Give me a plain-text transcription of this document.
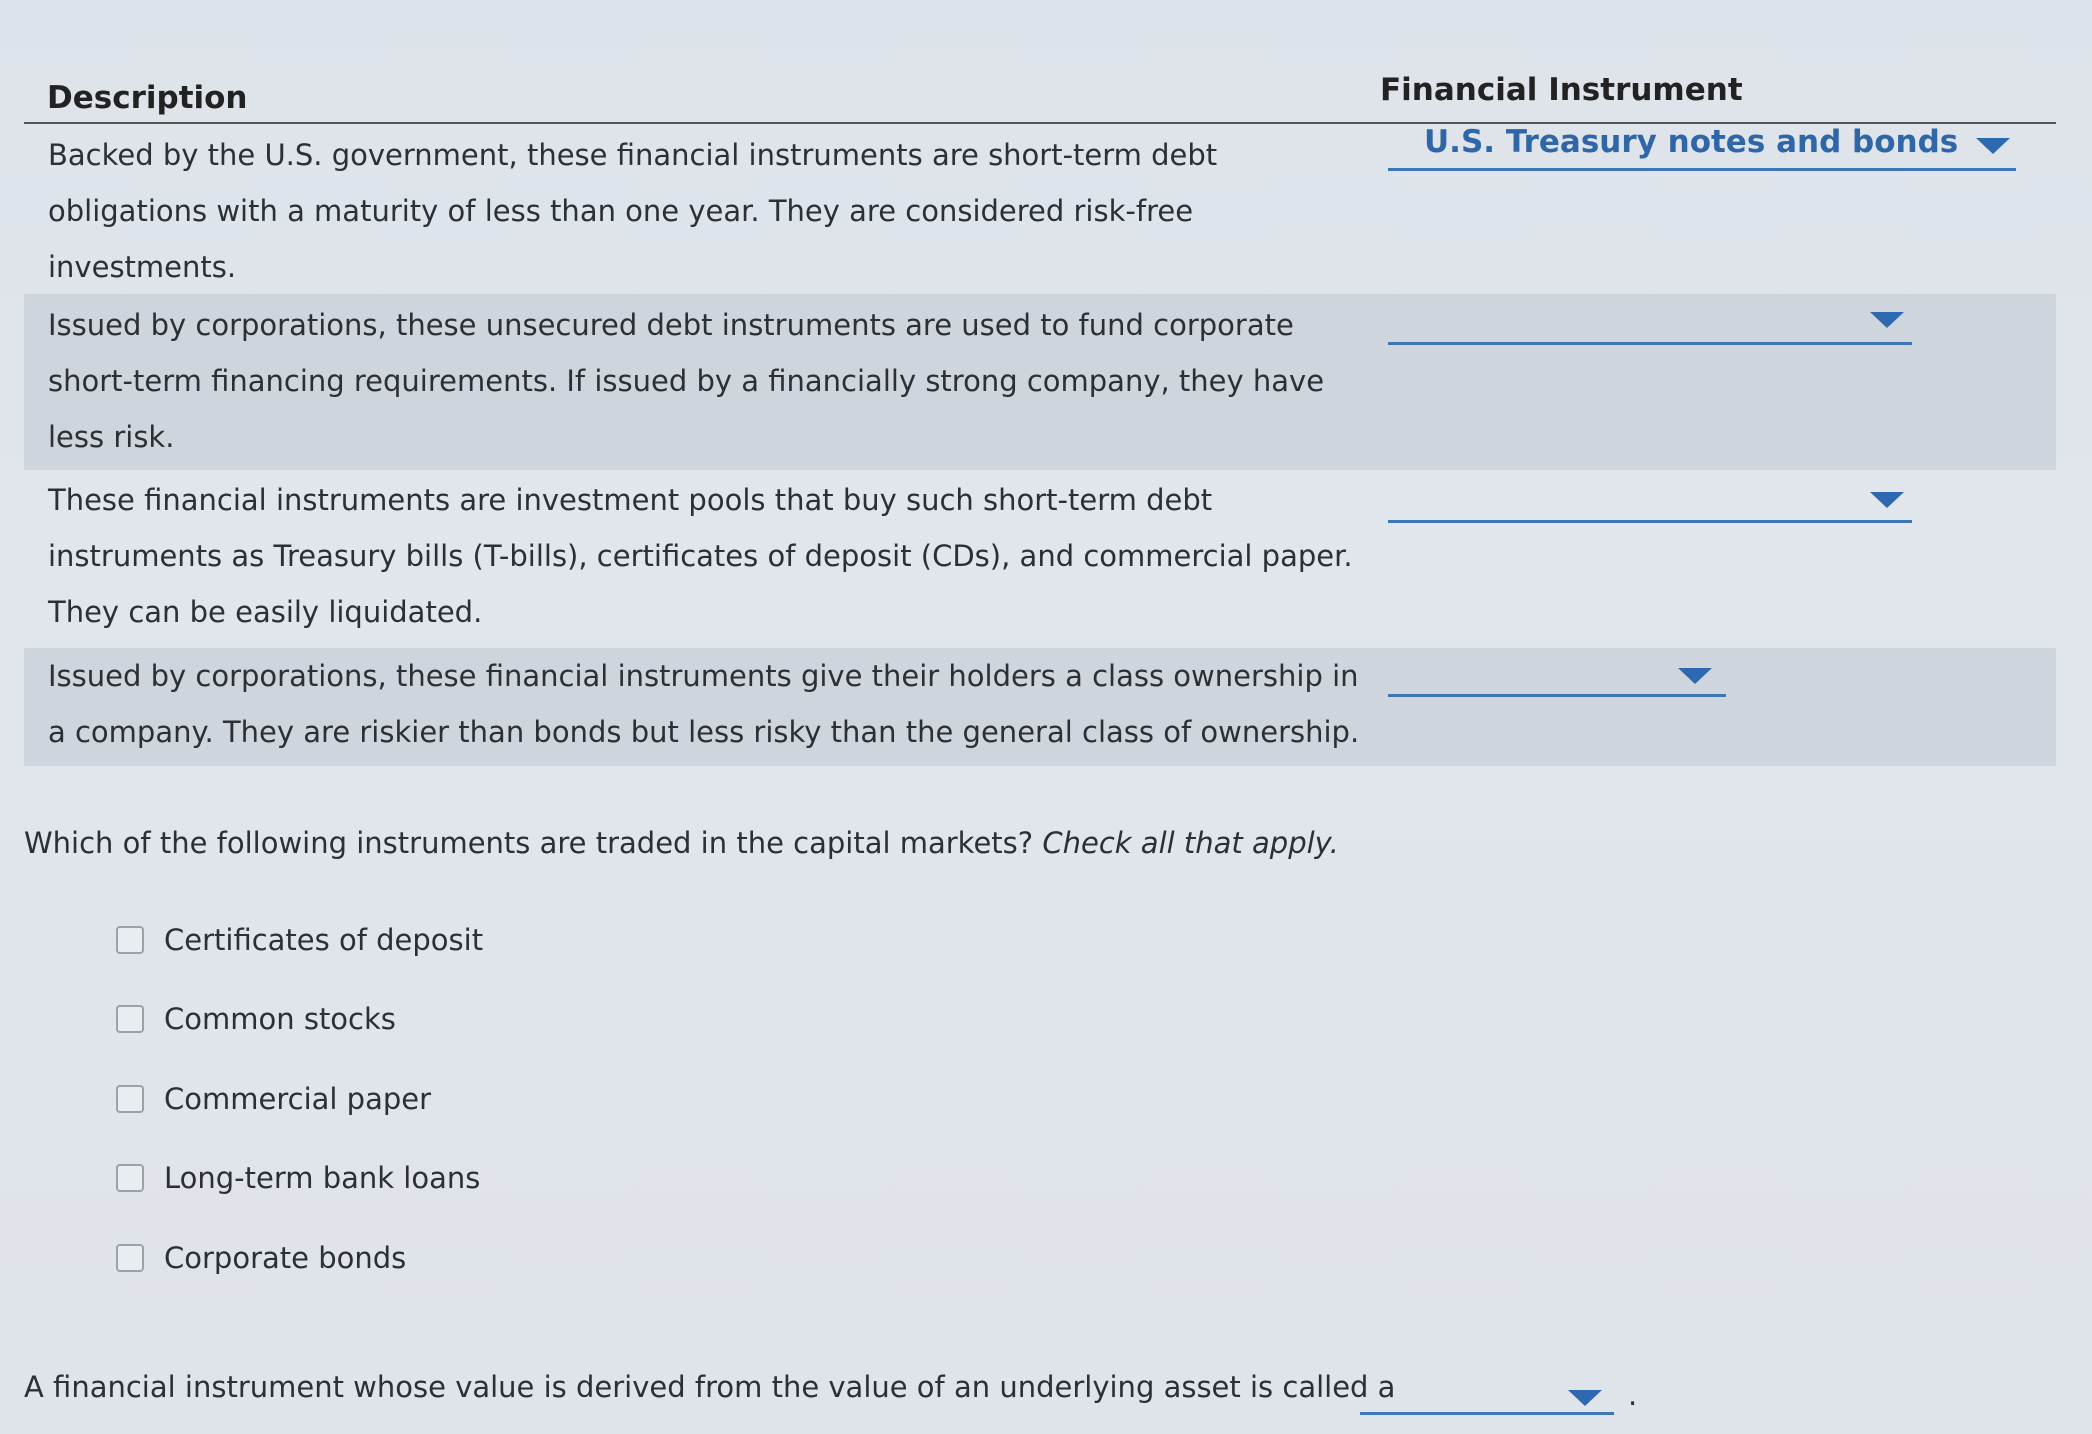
Description	Financial Instrument
Backed by the U.S. government, these financial instruments are short-term debt
obligations with a maturity of less than one year. They are considered risk-free
investments.
U.S. Treasury notes and bonds
Issued by corporations, these unsecured debt instruments are used to fund corporate
short-term financing requirements. If issued by a financially strong company, they have
less risk.
These financial instruments are investment pools that buy such short-term debt
instruments as Treasury bills (T-bills), certificates of deposit (CDs), and commercial paper.
They can be easily liquidated.
Issued by corporations, these financial instruments give their holders a class ownership in
a company. They are riskier than bonds but less risky than the general class of ownership.
Which of the following instruments are traded in the capital markets? Check all that apply.
Certificates of deposit
Common stocks
Commercial paper
Long-term bank loans
Corporate bonds
A financial instrument whose value is derived from the value of an underlying asset is called a	.
